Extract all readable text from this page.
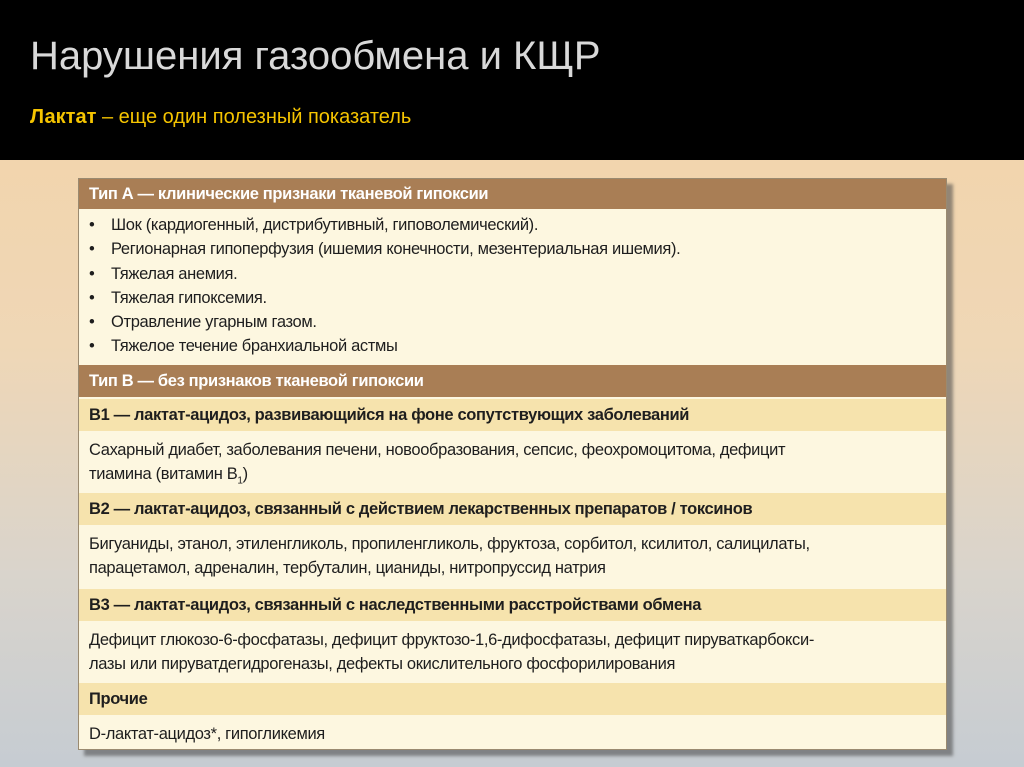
Нарушения газообмена и КЩР
Лактат – еще один полезный показатель
Тип А — клинические признаки тканевой гипоксии
• Шок (кардиогенный, дистрибутивный, гиповолемический).
• Регионарная гипоперфузия (ишемия конечности, мезентериальная ишемия).
• Тяжелая анемия.
• Тяжелая гипоксемия.
• Отравление угарным газом.
• Тяжелое течение бранхиальной астмы
Тип В — без признаков тканевой гипоксии
В1 — лактат-ацидоз, развивающийся на фоне сопутствующих заболеваний
Сахарный диабет, заболевания печени, новообразования, сепсис, феохромоцитома, дефицит
тиамина (витамин $В_1$)
В2 — лактат-ацидоз, связанный с действием лекарственных препаратов / токсинов
Бигуаниды, этанол, этиленгликоль, пропиленгликоль, фруктоза, сорбитол, ксилитол, салицилаты,
парацетамол, адреналин, тербуталин, цианиды, нитропруссид натрия
В3 — лактат-ацидоз, связанный с наследственными расстройствами обмена
Дефицит глюкозо-6-фосфатазы, дефицит фруктозо-1,6-дифосфатазы, дефицит пируваткарбокси-
лазы или пируватдегидрогеназы, дефекты окислительного фосфорилирования
Прочие
D-лактат-ацидоз*, гипогликемия
